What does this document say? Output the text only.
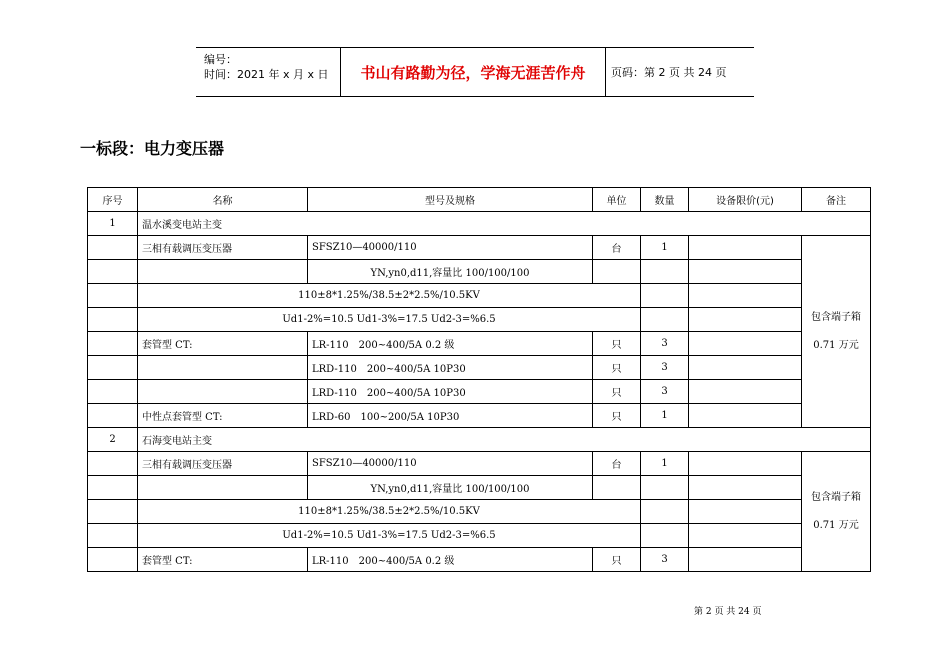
编号：
时间：2021 年 x 月 x 日	书山有路勤为径，学海无涯苦作舟	页码：第 2 页 共 24 页
一标段：电力变压器
序号	名称	型号及规格	单位	数量	设备限价(元)	备注
1	温水溪变电站主变					
	三相有载调压变压器	SFSZ10—40000/110	台	1		包含端子箱 0.71 万元
		YN,yn0,d11,容量比 100/100/100				
	110±8*1.25%/38.5±2*2.5%/10.5KV					
	Ud1-2%=10.5 Ud1-3%=17.5 Ud2-3=%6.5					
	套管型 CT:	LR-110　200~400/5A 0.2 级	只	3		
		LRD-110　200~400/5A 10P30	只	3		
		LRD-110　200~400/5A 10P30	只	3		
	中性点套管型 CT:	LRD-60　100~200/5A 10P30	只	1		
2	石海变电站主变					
	三相有载调压变压器	SFSZ10—40000/110	台	1		包含端子箱 0.71 万元
		YN,yn0,d11,容量比 100/100/100				
	110±8*1.25%/38.5±2*2.5%/10.5KV					
	Ud1-2%=10.5 Ud1-3%=17.5 Ud2-3=%6.5					
	套管型 CT:	LR-110　200~400/5A 0.2 级	只	3		
第 2 页 共 24 页
